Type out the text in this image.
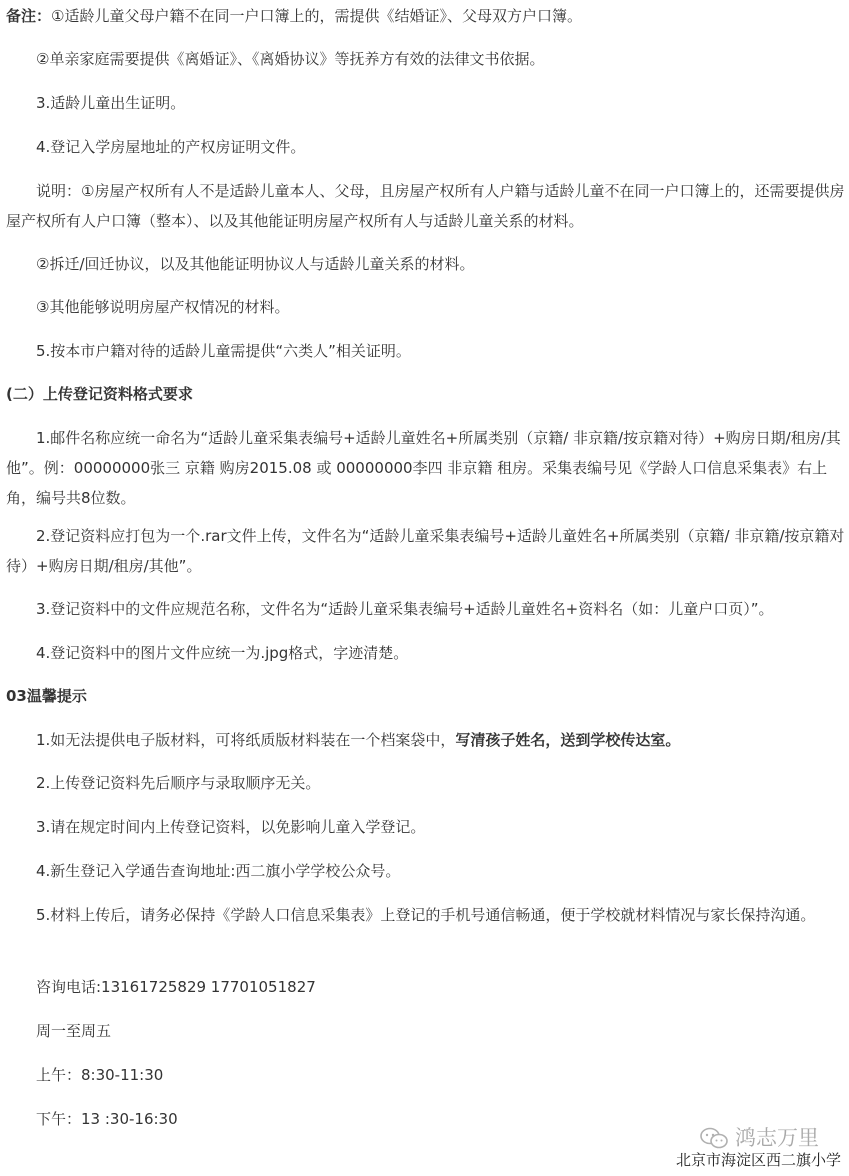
备注：①适龄儿童父母户籍不在同一户口簿上的，需提供《结婚证》、父母双方户口簿。
②单亲家庭需要提供《离婚证》、《离婚协议》等抚养方有效的法律文书依据。
3.适龄儿童出生证明。
4.登记入学房屋地址的产权房证明文件。
说明：①房屋产权所有人不是适龄儿童本人、父母，且房屋产权所有人户籍与适龄儿童不在同一户口簿上的，还需要提供房屋产权所有人户口簿（整本）、以及其他能证明房屋产权所有人与适龄儿童关系的材料。
②拆迁/回迁协议，以及其他能证明协议人与适龄儿童关系的材料。
③其他能够说明房屋产权情况的材料。
5.按本市户籍对待的适龄儿童需提供“六类人”相关证明。
(二）上传登记资料格式要求
1.邮件名称应统一命名为“适龄儿童采集表编号+适龄儿童姓名+所属类别（京籍/ 非京籍/按京籍对待）+购房日期/租房/其他”。例：00000000张三 京籍 购房2015.08 或 00000000李四 非京籍 租房。采集表编号见《学龄人口信息采集表》右上角，编号共8位数。
2.登记资料应打包为一个.rar文件上传，文件名为“适龄儿童采集表编号+适龄儿童姓名+所属类别（京籍/ 非京籍/按京籍对待）+购房日期/租房/其他”。
3.登记资料中的文件应规范名称，文件名为“适龄儿童采集表编号+适龄儿童姓名+资料名（如：儿童户口页）”。
4.登记资料中的图片文件应统一为.jpg格式，字迹清楚。
03温馨提示
1.如无法提供电子版材料，可将纸质版材料装在一个档案袋中，写清孩子姓名，送到学校传达室。
2.上传登记资料先后顺序与录取顺序无关。
3.请在规定时间内上传登记资料，以免影响儿童入学登记。
4.新生登记入学通告查询地址:西二旗小学学校公众号。
5.材料上传后，请务必保持《学龄人口信息采集表》上登记的手机号通信畅通，便于学校就材料情况与家长保持沟通。
咨询电话:13161725829 17701051827
周一至周五
上午：8:30-11:30
下午：13 :30-16:30
鸿志万里
北京市海淀区西二旗小学
